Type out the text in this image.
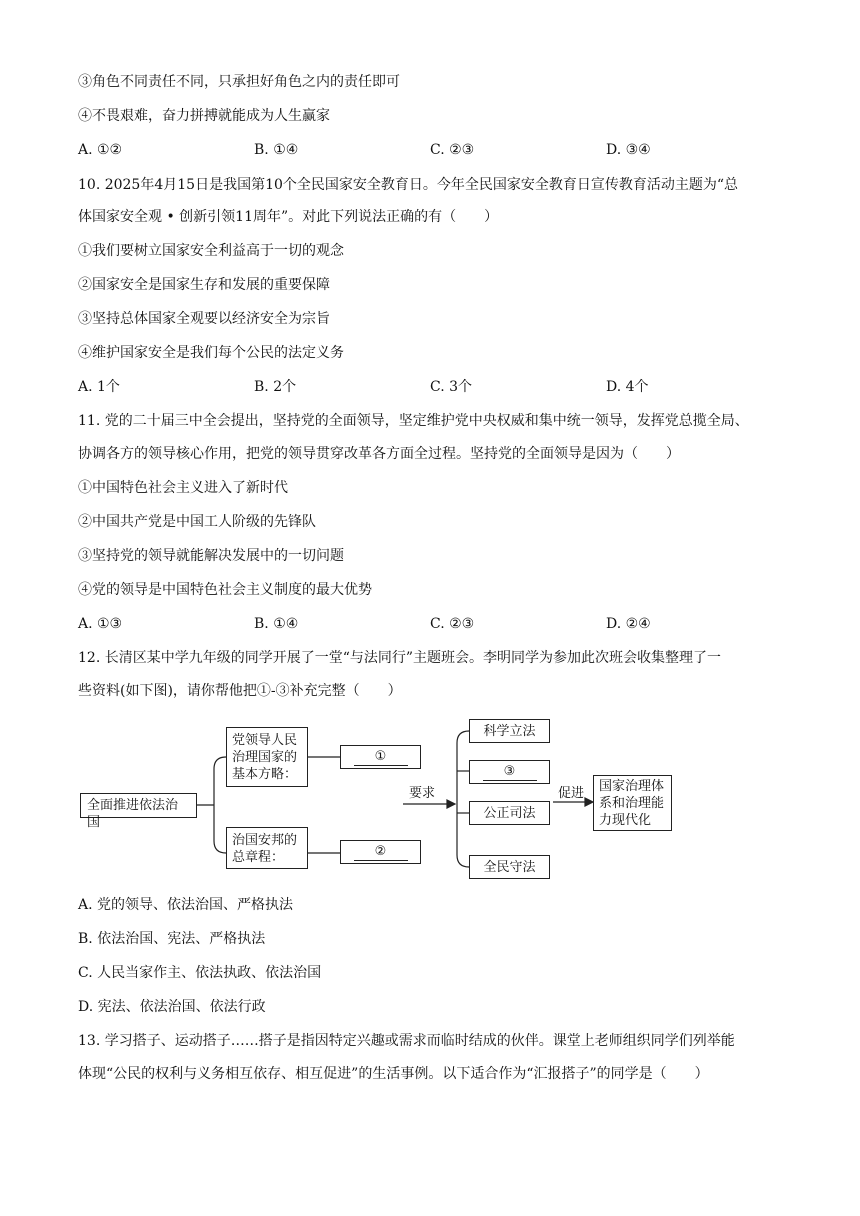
③角色不同责任不同，只承担好角色之内的责任即可
④不畏艰难，奋力拼搏就能成为人生赢家
A. ①②	B. ①④	C. ②③	D. ③④
10. 2025年4月15日是我国第10个全民国家安全教育日。今年全民国家安全教育日宣传教育活动主题为“总
体国家安全观 • 创新引领11周年”。对此下列说法正确的有（　　）
①我们要树立国家安全利益高于一切的观念
②国家安全是国家生存和发展的重要保障
③坚持总体国家全观要以经济安全为宗旨
④维护国家安全是我们每个公民的法定义务
A. 1个	B. 2个	C. 3个	D. 4个
11. 党的二十届三中全会提出，坚持党的全面领导，坚定维护党中央权威和集中统一领导，发挥党总揽全局、
协调各方的领导核心作用，把党的领导贯穿改革各方面全过程。坚持党的全面领导是因为（　　）
①中国特色社会主义进入了新时代
②中国共产党是中国工人阶级的先锋队
③坚持党的领导就能解决发展中的一切问题
④党的领导是中国特色社会主义制度的最大优势
A. ①③	B. ①④	C. ②③	D. ②④
12. 长清区某中学九年级的同学开展了一堂“与法同行”主题班会。李明同学为参加此次班会收集整理了一
些资料(如下图)，请你帮他把①-③补充完整（　　）
全面推进依法治国
党领导人民
治理国家的
基本方略：
治国安邦的
总章程：
①
②
要求
科学立法
③
公正司法
全民守法
促进 国家治理体
系和治理能
力现代化
A. 党的领导、依法治国、严格执法
B. 依法治国、宪法、严格执法
C. 人民当家作主、依法执政、依法治国
D. 宪法、依法治国、依法行政
13. 学习搭子、运动搭子……搭子是指因特定兴趣或需求而临时结成的伙伴。课堂上老师组织同学们列举能
体现“公民的权利与义务相互依存、相互促进”的生活事例。以下适合作为“汇报搭子”的同学是（　　）
